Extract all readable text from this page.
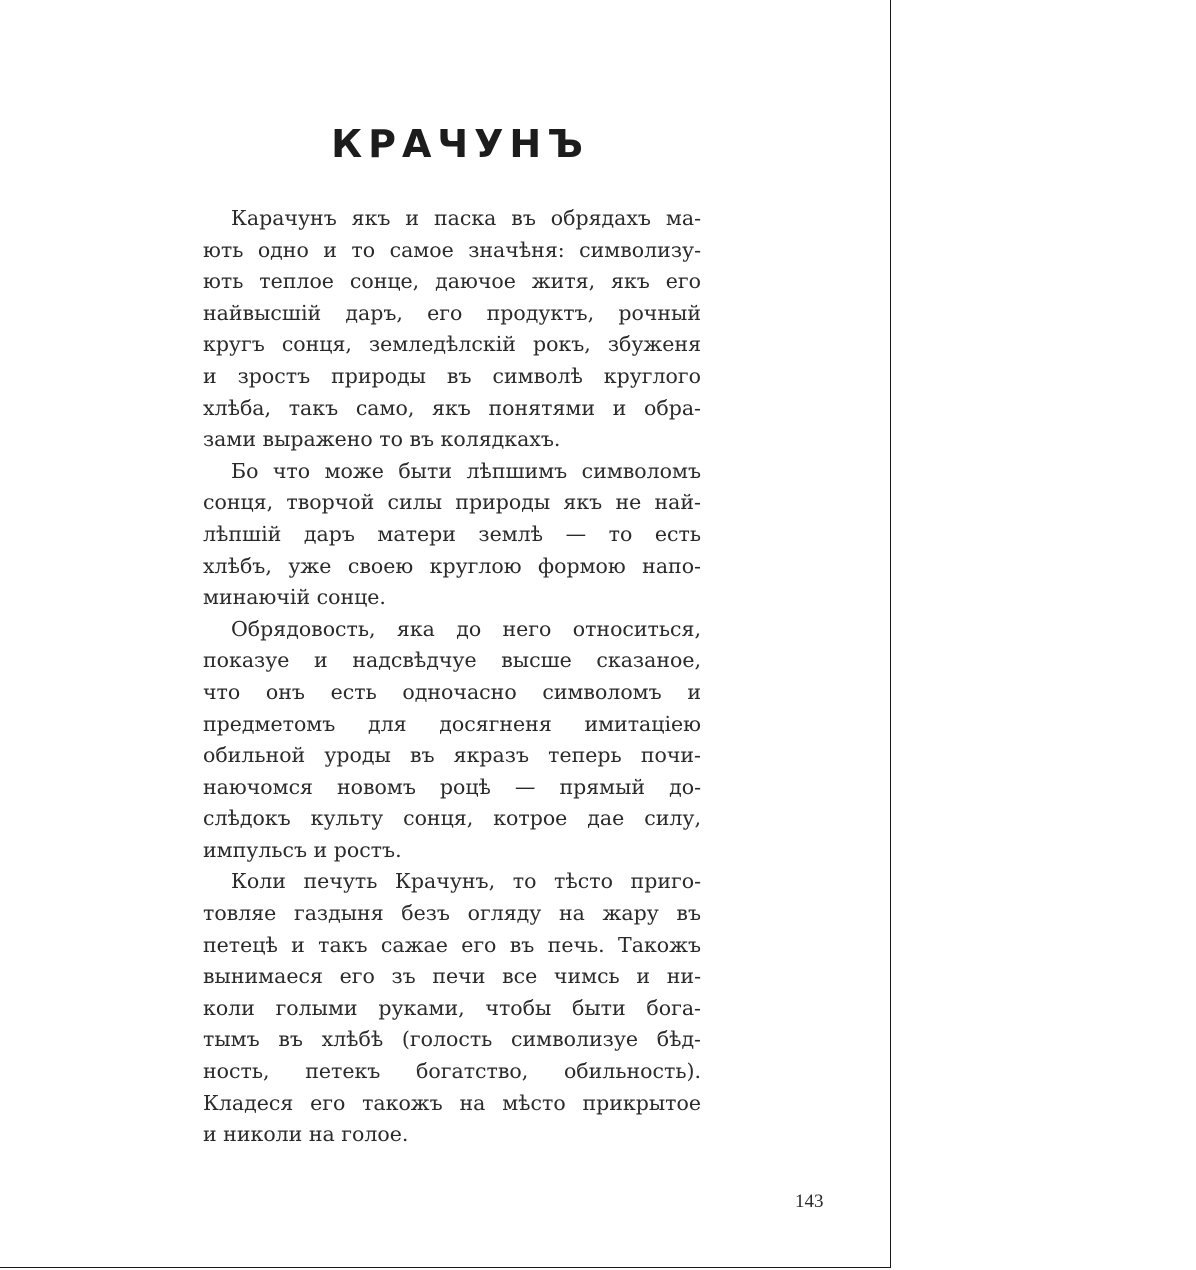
КРАЧУНЪ
Карачунъ якъ и паска въ обрядахъ ма-
ють одно и то самое значѣня: символизу-
ють теплое сонце, даючое житя, якъ его
найвысшій даръ, его продуктъ, рочный
кругъ сонця, земледѣлскій рокъ, збуженя
и зростъ природы въ символѣ круглого
хлѣба, такъ само, якъ понятями и обра-
зами выражено то въ колядкахъ.
Бо что може быти лѣпшимъ символомъ
сонця, творчой силы природы якъ не най-
лѣпшій даръ матери землѣ — то есть
хлѣбъ, уже своею круглою формою напо-
минаючій сонце.
Обрядовость, яка до него относиться,
показуе и надсвѣдчуе высше сказаное,
что онъ есть одночасно символомъ и
предметомъ для досягненя имитаціею
обильной уроды въ якразъ теперь почи-
наючомся новомъ роцѣ — прямый до-
слѣдокъ культу сонця, котрое дае силу,
импульсъ и ростъ.
Коли печуть Крачунъ, то тѣсто приго-
товляе газдыня безъ огляду на жару въ
петецѣ и такъ сажае его въ печь. Такожъ
вынимаеся его зъ печи все чимсь и ни-
коли голыми руками, чтобы быти бога-
тымъ въ хлѣбѣ (голость символизуе бѣд-
ность, петекъ богатство, обильность).
Кладеся его такожъ на мѣсто прикрытое
и николи на голое.
143
